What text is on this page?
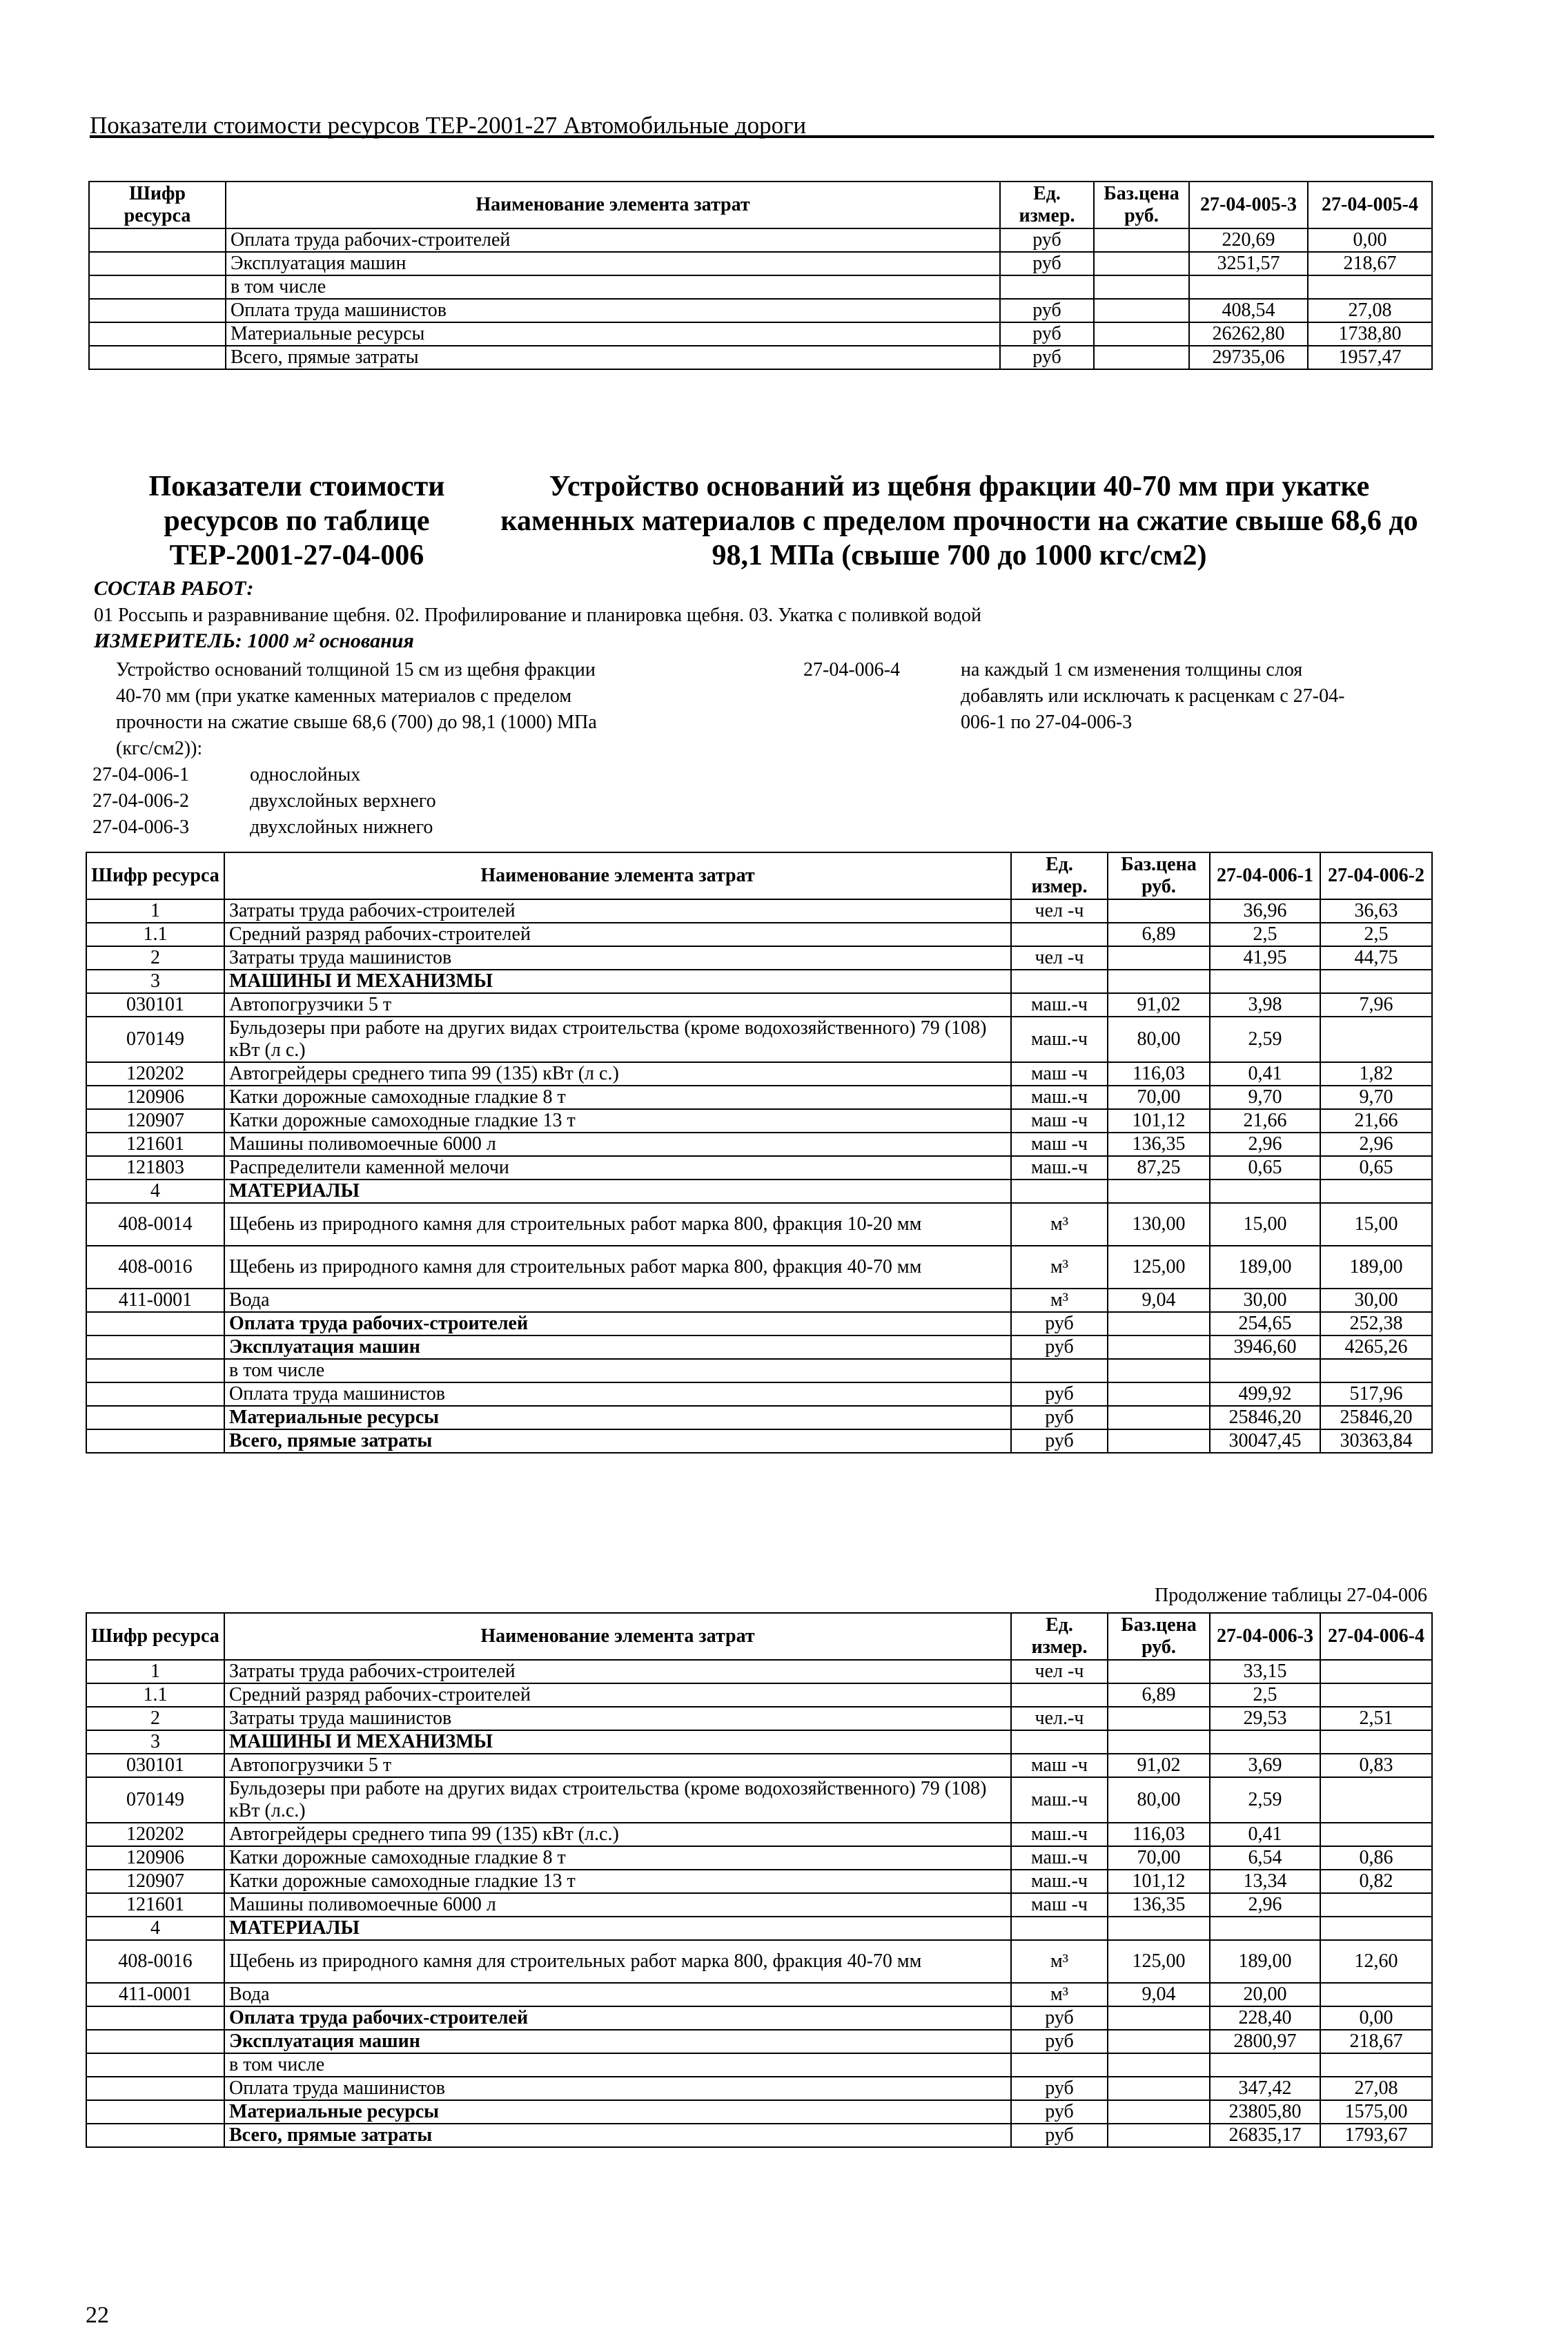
Показатели стоимости ресурсов ТЕР-2001-27 Автомобильные дороги
Шифр ресурса	Наименование элемента затрат	Ед. измер.	Баз.цена руб.	27-04-005-3	27-04-005-4
	Оплата труда рабочих-строителей	руб		220,69	0,00
	Эксплуатация машин	руб		3251,57	218,67
	в том числе				
	Оплата труда машинистов	руб		408,54	27,08
	Материальные ресурсы	руб		26262,80	1738,80
	Всего, прямые затраты	руб		29735,06	1957,47
Показатели стоимости
ресурсов по таблице
ТЕР-2001-27-04-006
Устройство оснований из щебня фракции 40-70 мм при укатке
каменных материалов с пределом прочности на сжатие свыше 68,6 до
98,1 МПа (свыше 700 до 1000 кгс/см2)
СОСТАВ РАБОТ:
01 Россыпь и разравнивание щебня. 02. Профилирование и планировка щебня. 03. Укатка с поливкой водой
ИЗМЕРИТЕЛЬ: 1000 м² основания
Устройство оснований толщиной 15 см из щебня фракции
40-70 мм (при укатке каменных материалов с пределом
прочности на сжатие свыше 68,6 (700) до 98,1 (1000) МПа
(кгс/см2)):
27-04-006-4	на каждый 1 см изменения толщины слоя
добавлять или исключать к расценкам с 27-04-
006-1 по 27-04-006-3
27-04-006-1	однослойных
27-04-006-2	двухслойных верхнего
27-04-006-3	двухслойных нижнего
Шифр ресурса	Наименование элемента затрат	Ед. измер.	Баз.цена руб.	27-04-006-1	27-04-006-2
1	Затраты труда рабочих-строителей	чел -ч		36,96	36,63
1.1	Средний разряд рабочих-строителей		6,89	2,5	2,5
2	Затраты труда машинистов	чел -ч		41,95	44,75
3	МАШИНЫ И МЕХАНИЗМЫ				
030101	Автопогрузчики 5 т	маш.-ч	91,02	3,98	7,96
070149	Бульдозеры при работе на других видах строительства (кроме водохозяйственного) 79 (108) кВт (л с.)	маш.-ч	80,00	2,59	
120202	Автогрейдеры среднего типа 99 (135) кВт (л с.)	маш -ч	116,03	0,41	1,82
120906	Катки дорожные самоходные гладкие 8 т	маш.-ч	70,00	9,70	9,70
120907	Катки дорожные самоходные гладкие 13 т	маш -ч	101,12	21,66	21,66
121601	Машины поливомоечные 6000 л	маш -ч	136,35	2,96	2,96
121803	Распределители каменной мелочи	маш.-ч	87,25	0,65	0,65
4	МАТЕРИАЛЫ				
408-0014	Щебень из природного камня для строительных работ марка 800, фракция 10-20 мм	м³	130,00	15,00	15,00
408-0016	Щебень из природного камня для строительных работ марка 800, фракция 40-70 мм	м³	125,00	189,00	189,00
411-0001	Вода	м³	9,04	30,00	30,00
	Оплата труда рабочих-строителей	руб		254,65	252,38
	Эксплуатация машин	руб		3946,60	4265,26
	в том числе				
	Оплата труда машинистов	руб		499,92	517,96
	Материальные ресурсы	руб		25846,20	25846,20
	Всего, прямые затраты	руб		30047,45	30363,84
Продолжение таблицы 27-04-006
Шифр ресурса	Наименование элемента затрат	Ед. измер.	Баз.цена руб.	27-04-006-3	27-04-006-4
1	Затраты труда рабочих-строителей	чел -ч		33,15	
1.1	Средний разряд рабочих-строителей		6,89	2,5	
2	Затраты труда машинистов	чел.-ч		29,53	2,51
3	МАШИНЫ И МЕХАНИЗМЫ				
030101	Автопогрузчики 5 т	маш -ч	91,02	3,69	0,83
070149	Бульдозеры при работе на других видах строительства (кроме водохозяйственного) 79 (108) кВт (л.с.)	маш.-ч	80,00	2,59	
120202	Автогрейдеры среднего типа 99 (135) кВт (л.с.)	маш.-ч	116,03	0,41	
120906	Катки дорожные самоходные гладкие 8 т	маш.-ч	70,00	6,54	0,86
120907	Катки дорожные самоходные гладкие 13 т	маш.-ч	101,12	13,34	0,82
121601	Машины поливомоечные 6000 л	маш -ч	136,35	2,96	
4	МАТЕРИАЛЫ				
408-0016	Щебень из природного камня для строительных работ марка 800, фракция 40-70 мм	м³	125,00	189,00	12,60
411-0001	Вода	м³	9,04	20,00	
	Оплата труда рабочих-строителей	руб		228,40	0,00
	Эксплуатация машин	руб		2800,97	218,67
	в том числе				
	Оплата труда машинистов	руб		347,42	27,08
	Материальные ресурсы	руб		23805,80	1575,00
	Всего, прямые затраты	руб		26835,17	1793,67
22
